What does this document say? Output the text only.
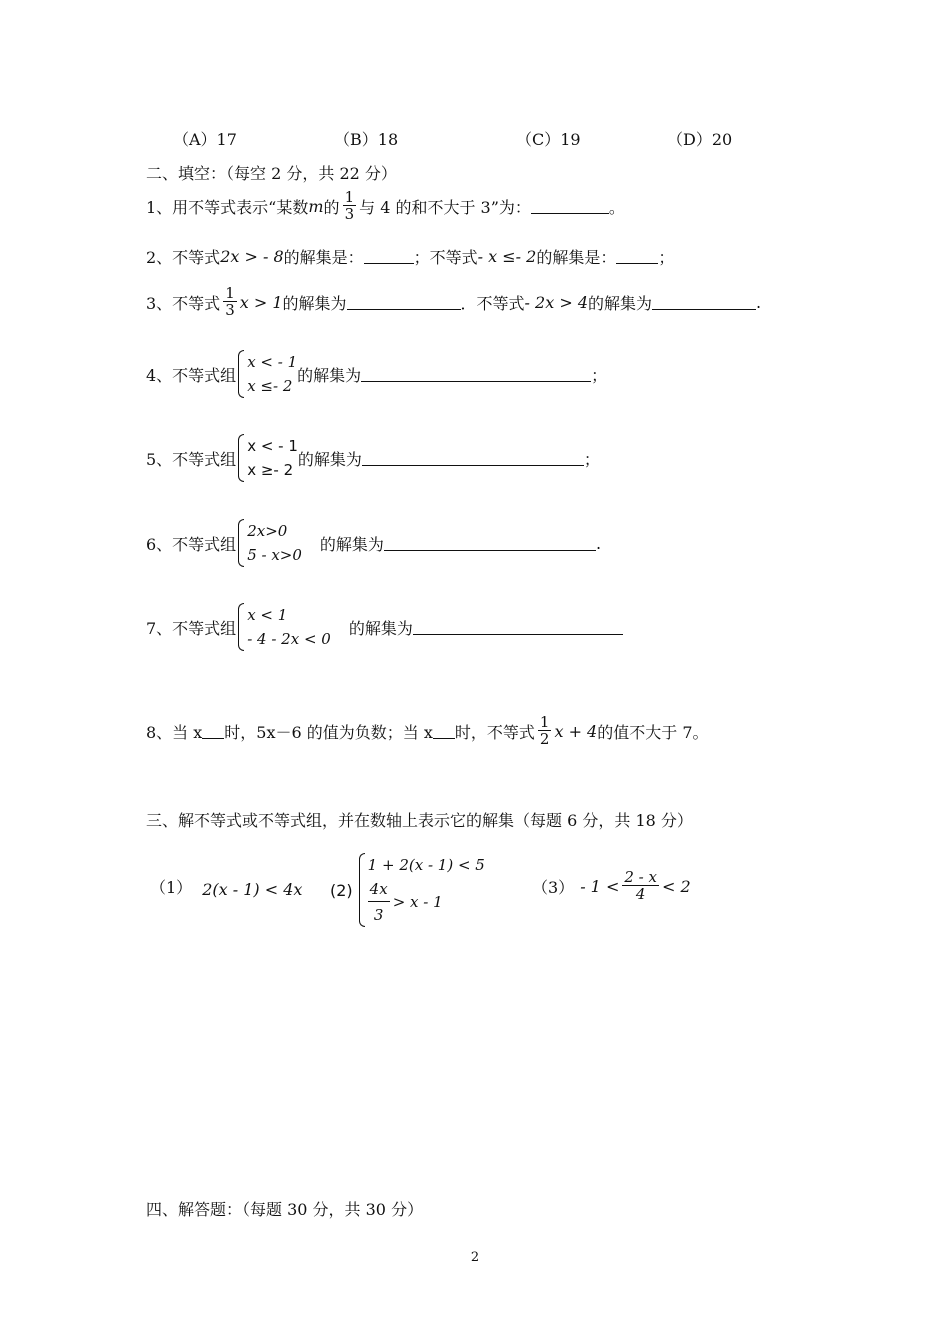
（A）17	（B）18	（C）19	（D）20
二、填空：（每空 2 分，共 22 分）
1、用不等式表示“某数 m 的 $\frac{1}{3}$ 与 4 的和不大于 3”为：	。
2、不等式 2x > - 8 的解集是：	；不等式 - x ≤- 2 的解集是：	；
3、不等式 $\frac{1}{3}$ x > 1 的解集为	．不等式 - 2x > 4 的解集为	.
4、不等式组
x < - 1
x ≤- 2
的解集为	；
5、不等式组
x < - 1
x ≥- 2
的解集为	；
6、不等式组
2x>0
5 - x>0
的解集为	.
7、不等式组
x < 1
- 4 - 2x < 0
的解集为
8、当 x 时，5x－6 的值为负数；当 x 时，不等式 $\frac{1}{2}$ x + 4 的值不大于 7。
三、解不等式或不等式组，并在数轴上表示它的解集（每题 6 分，共 18 分）
（1） 2(x - 1) < 4x (2)
1 + 2(x - 1) < 5
$\frac{4x}{3} > x - 1$
$(3) - 1 < \frac{2 - x}{4} < 2$
四、解答题：（每题 30 分，共 30 分）
2
